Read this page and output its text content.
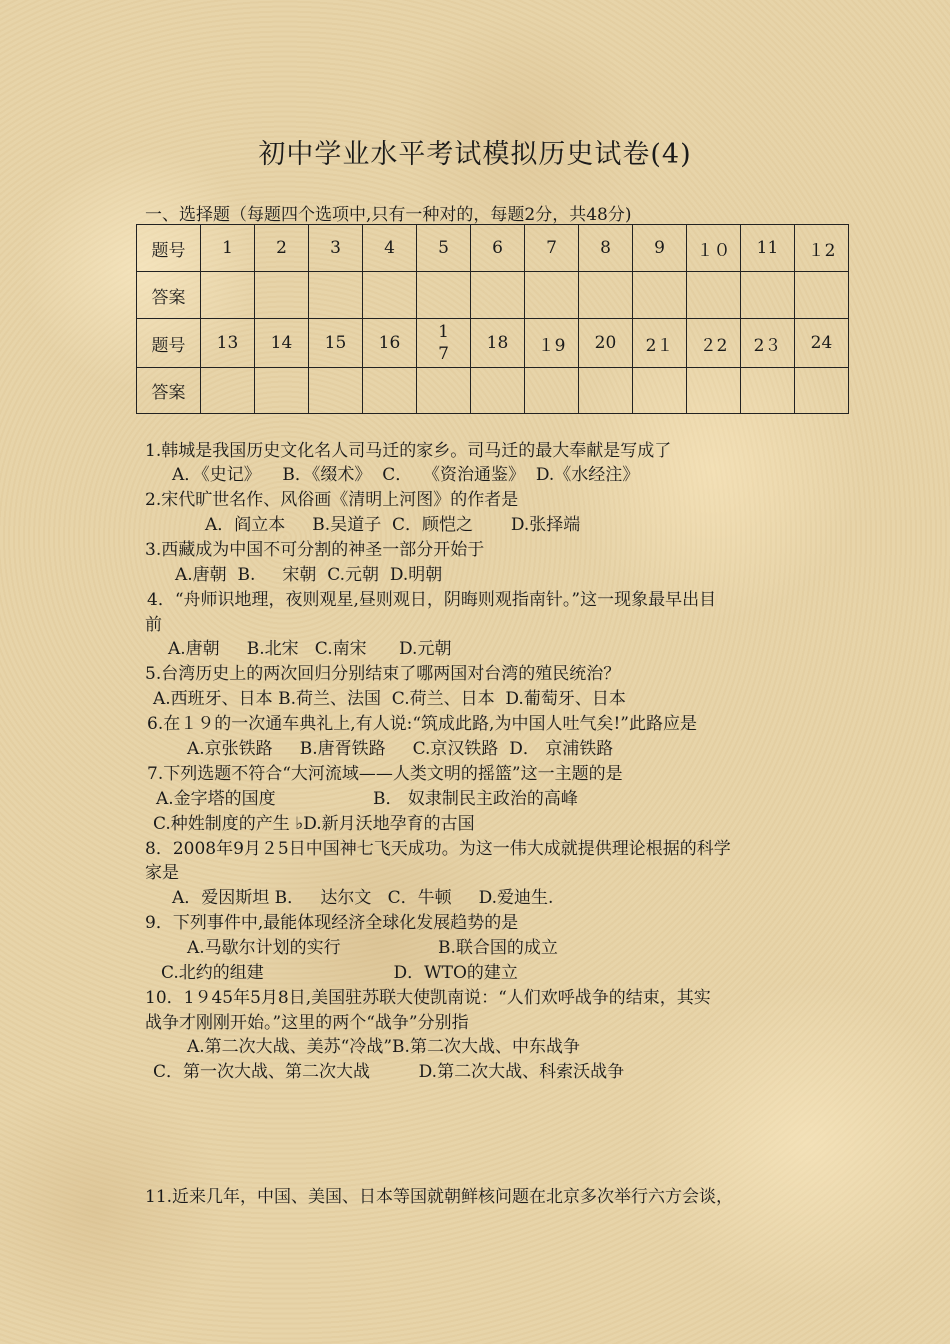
初中学业水平考试模拟历史试卷(4)
一、选择题（每题四个选项中,只有一种对的，每题2分，共48分)
题号	1	2	3	4	5	6	7	8	9	１０	11	１2
答案												
题号	13	14	15	16	1
7	18	１9	20	2１	２2	2３	24
答案												
1.韩城是我国历史文化名人司马迁的家乡。司马迁的最大奉献是写成了
A．《史记》    B．《缀术》  C．  《资治通鉴》  D.《水经注》
2.宋代旷世名作、风俗画《清明上河图》的作者是
A．阎立本     B.吴道子  C．顾恺之       D.张择端
3.西藏成为中国不可分割的神圣一部分开始于
A.唐朝  B.     宋朝  C.元朝  D.明朝
4．“舟师识地理，夜则观星,昼则观日，阴晦则观指南针。”这一现象最早出目
前
A.唐朝     B.北宋   C.南宋      D.元朝
5.台湾历史上的两次回归分别结束了哪两国对台湾的殖民统治？
A.西班牙、日本 B.荷兰、法国  C.荷兰、日本  D.葡萄牙、日本
6.在１９的一次通车典礼上,有人说:“筑成此路,为中国人吐气矣!”此路应是
A.京张铁路     B.唐胥铁路     C.京汉铁路  D． 京浦铁路
7.下列选题不符合“大河流域——人类文明的摇篮”这一主题的是
A.金字塔的国度                  B． 奴隶制民主政治的高峰
C.种姓制度的产生 ♭D.新月沃地孕育的古国
8．2008年9月２5日中国神七飞天成功。为这一伟大成就提供理论根据的科学
家是
A．爱因斯坦 B．   达尔文   C．牛顿     D.爱迪生.
9．下列事件中,最能体现经济全球化发展趋势的是
A.马歇尔计划的实行                  B.联合国的成立
C.北约的组建                        D．WTO的建立
10．1９45年5月8日,美国驻苏联大使凯南说：“人们欢呼战争的结束，其实
战争才刚刚开始。”这里的两个“战争”分别指
A.第二次大战、美苏“冷战”B.第二次大战、中东战争
C．第一次大战、第二次大战         D.第二次大战、科索沃战争
11.近来几年，中国、美国、日本等国就朝鲜核问题在北京多次举行六方会谈，
